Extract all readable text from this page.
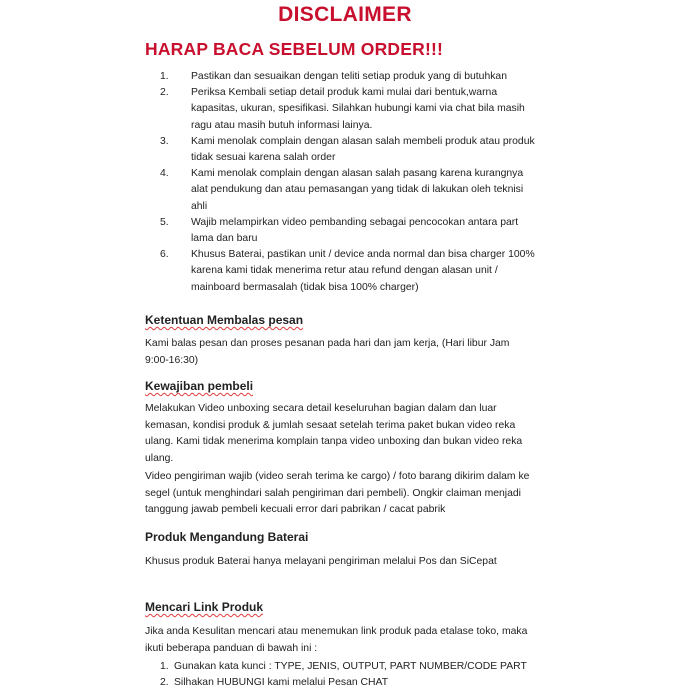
DISCLAIMER
HARAP BACA SEBELUM ORDER!!!
1. Pastikan dan sesuaikan dengan teliti setiap produk yang di butuhkan
2. Periksa Kembali setiap detail produk kami mulai dari bentuk,warna kapasitas, ukuran, spesifikasi. Silahkan hubungi kami via chat bila masih ragu atau masih butuh informasi lainya.
3. Kami menolak complain dengan alasan salah membeli produk atau produk tidak sesuai karena salah order
4. Kami menolak complain dengan alasan salah pasang karena kurangnya alat pendukung dan atau pemasangan yang tidak di lakukan oleh teknisi ahli
5. Wajib melampirkan video pembanding sebagai pencocokan antara part lama dan baru
6. Khusus Baterai, pastikan unit / device anda normal dan bisa charger 100% karena kami tidak menerima retur atau refund dengan alasan unit / mainboard bermasalah (tidak bisa 100% charger)
Ketentuan Membalas pesan

Kami balas pesan dan proses pesanan pada hari dan jam kerja, (Hari libur Jam 9:00-16:30)

Kewajiban pembeli

Melakukan Video unboxing secara detail keseluruhan bagian dalam dan luar kemasan, kondisi produk & jumlah sesaat setelah terima paket bukan video reka ulang. Kami tidak menerima komplain tanpa video unboxing dan bukan video reka ulang.

Video pengiriman wajib (video serah terima ke cargo) / foto barang dikirim dalam ke segel (untuk menghindari salah pengiriman dari pembeli). Ongkir claiman menjadi tanggung jawab pembeli kecuali error dari pabrikan / cacat pabrik

Produk Mengandung Baterai

Khusus produk Baterai hanya melayani pengiriman melalui Pos dan SiCepat

Mencari Link Produk

Jika anda Kesulitan mencari atau menemukan link produk pada etalase toko, maka ikuti beberapa panduan di bawah ini :

1. Gunakan kata kunci : TYPE, JENIS, OUTPUT, PART NUMBER/CODE PART
2. Silhakan HUBUNGI kami melalui Pesan CHAT
